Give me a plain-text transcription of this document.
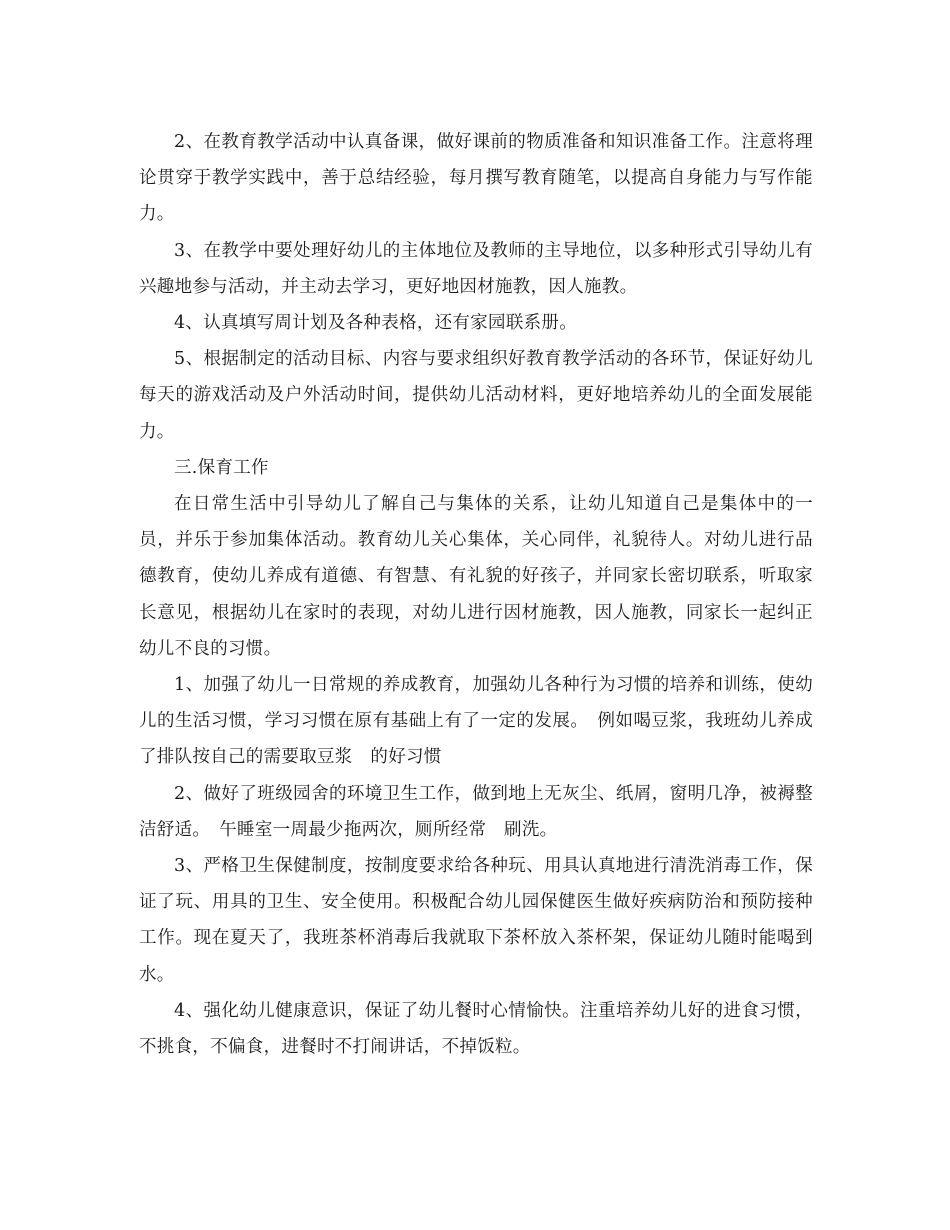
2、在教育教学活动中认真备课，做好课前的物质准备和知识准备工作。注意将理论贯穿于教学实践中，善于总结经验，每月撰写教育随笔，以提高自身能力与写作能力。

3、在教学中要处理好幼儿的主体地位及教师的主导地位，以多种形式引导幼儿有兴趣地参与活动，并主动去学习，更好地因材施教，因人施教。

4、认真填写周计划及各种表格，还有家园联系册。

5、根据制定的活动目标、内容与要求组织好教育教学活动的各环节，保证好幼儿每天的游戏活动及户外活动时间，提供幼儿活动材料，更好地培养幼儿的全面发展能力。

三.保育工作

在日常生活中引导幼儿了解自己与集体的关系，让幼儿知道自己是集体中的一员，并乐于参加集体活动。教育幼儿关心集体，关心同伴，礼貌待人。对幼儿进行品德教育，使幼儿养成有道德、有智慧、有礼貌的好孩子，并同家长密切联系，听取家长意见，根据幼儿在家时的表现，对幼儿进行因材施教，因人施教，同家长一起纠正幼儿不良的习惯。

1、加强了幼儿一日常规的养成教育，加强幼儿各种行为习惯的培养和训练，使幼儿的生活习惯，学习习惯在原有基础上有了一定的发展。　例如喝豆浆，我班幼儿养成了排队按自己的需要取豆浆　的好习惯

2、做好了班级园舍的环境卫生工作，做到地上无灰尘、纸屑，窗明几净，被褥整洁舒适。　午睡室一周最少拖两次，厕所经常　刷洗。

3、严格卫生保健制度，按制度要求给各种玩、用具认真地进行清洗消毒工作，保证了玩、用具的卫生、安全使用。积极配合幼儿园保健医生做好疾病防治和预防接种工作。现在夏天了，我班茶杯消毒后我就取下茶杯放入茶杯架，保证幼儿随时能喝到水。

4、强化幼儿健康意识，保证了幼儿餐时心情愉快。注重培养幼儿好的进食习惯，不挑食，不偏食，进餐时不打闹讲话，不掉饭粒。
